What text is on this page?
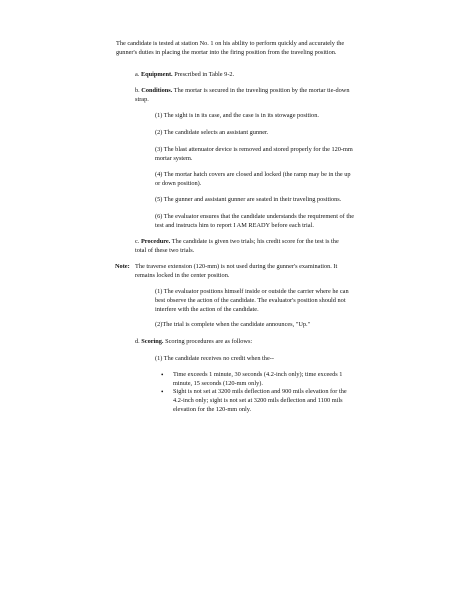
The candidate is tested at station No. 1 on his ability to perform quickly and accurately the gunner's duties in placing the mortar into the firing position from the traveling position.

a. Equipment. Prescribed in Table 9-2.

b. Conditions. The mortar is secured in the traveling position by the mortar tie-down strap.

(1) The sight is in its case, and the case is in its stowage position.

(2) The candidate selects an assistant gunner.

(3) The blast attenuator device is removed and stored properly for the 120-mm mortar system.

(4) The mortar hatch covers are closed and locked (the ramp may be in the up or down position).

(5) The gunner and assistant gunner are seated in their traveling positions.

(6) The evaluator ensures that the candidate understands the requirement of the test and instructs him to report I AM READY before each trial.

c. Procedure. The candidate is given two trials; his credit score for the test is the total of these two trials.

Note: The traverse extension (120-mm) is not used during the gunner's examination. It remains locked in the center position.

(1) The evaluator positions himself inside or outside the carrier where he can best observe the action of the candidate. The evaluator's position should not interfere with the action of the candidate.

(2)The trial is complete when the candidate announces, "Up."

d. Scoring. Scoring procedures are as follows:

(1) The candidate receives no credit when the--

• Time exceeds 1 minute, 30 seconds (4.2-inch only); time exceeds 1 minute, 15 seconds (120-mm only).
• Sight is not set at 3200 mils deflection and 900 mils elevation for the 4.2-inch only; sight is not set at 3200 mils deflection and 1100 mils elevation for the 120-mm only.
